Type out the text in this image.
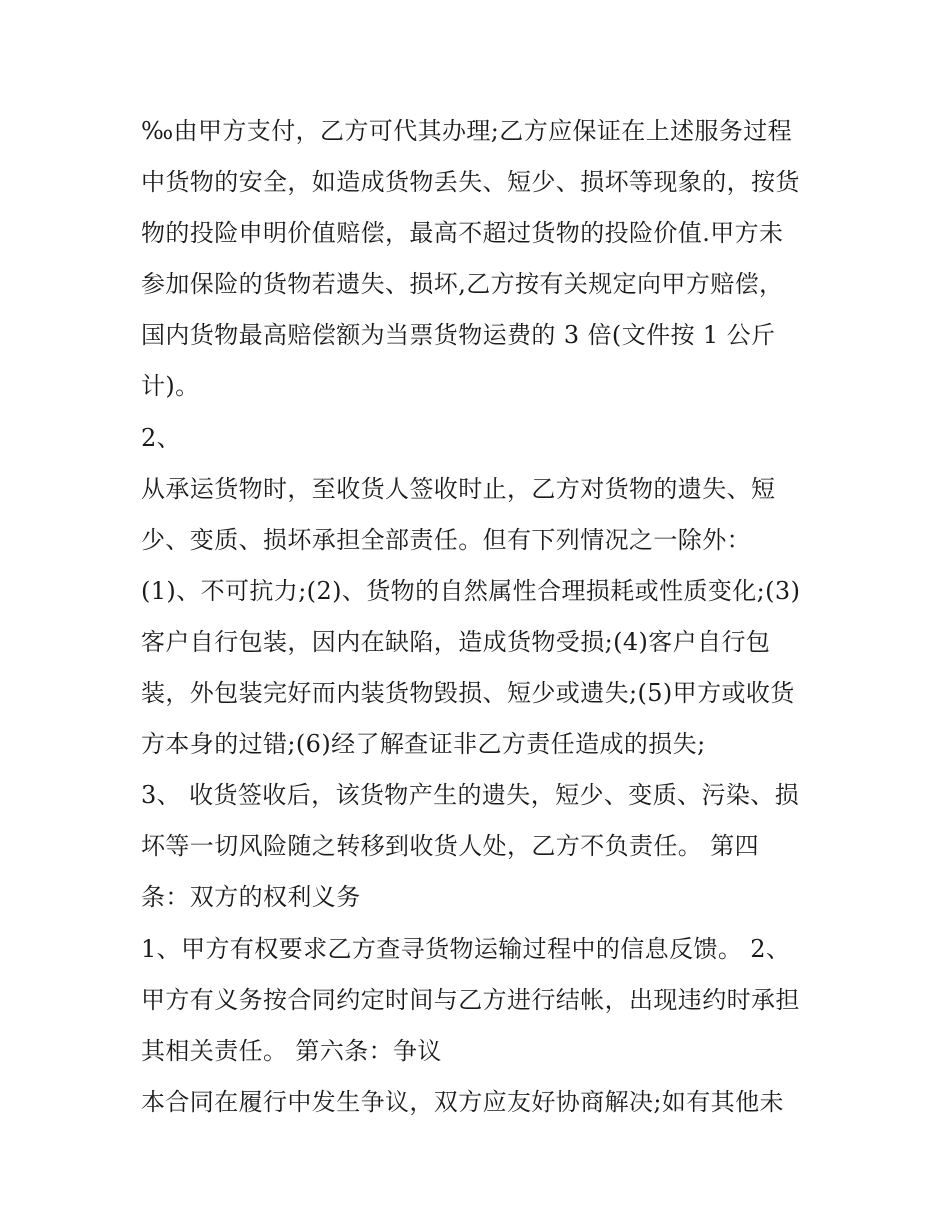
‰由甲方支付，乙方可代其办理;乙方应保证在上述服务过程
中货物的安全，如造成货物丢失、短少、损坏等现象的，按货
物的投险申明价值赔偿，最高不超过货物的投险价值.甲方未
参加保险的货物若遗失、损坏,乙方按有关规定向甲方赔偿，
国内货物最高赔偿额为当票货物运费的 3 倍(文件按 1 公斤
计)。
2、
从承运货物时，至收货人签收时止，乙方对货物的遗失、短
少、变质、损坏承担全部责任。但有下列情况之一除外：
(1)、不可抗力;(2)、货物的自然属性合理损耗或性质变化;(3)
客户自行包装，因内在缺陷，造成货物受损;(4)客户自行包
装，外包装完好而内装货物毁损、短少或遗失;(5)甲方或收货
方本身的过错;(6)经了解查证非乙方责任造成的损失;
3、 收货签收后，该货物产生的遗失，短少、变质、污染、损
坏等一切风险随之转移到收货人处，乙方不负责任。 第四
条：双方的权利义务
1、甲方有权要求乙方查寻货物运输过程中的信息反馈。 2、
甲方有义务按合同约定时间与乙方进行结帐，出现违约时承担
其相关责任。 第六条：争议
本合同在履行中发生争议，双方应友好协商解决;如有其他未
